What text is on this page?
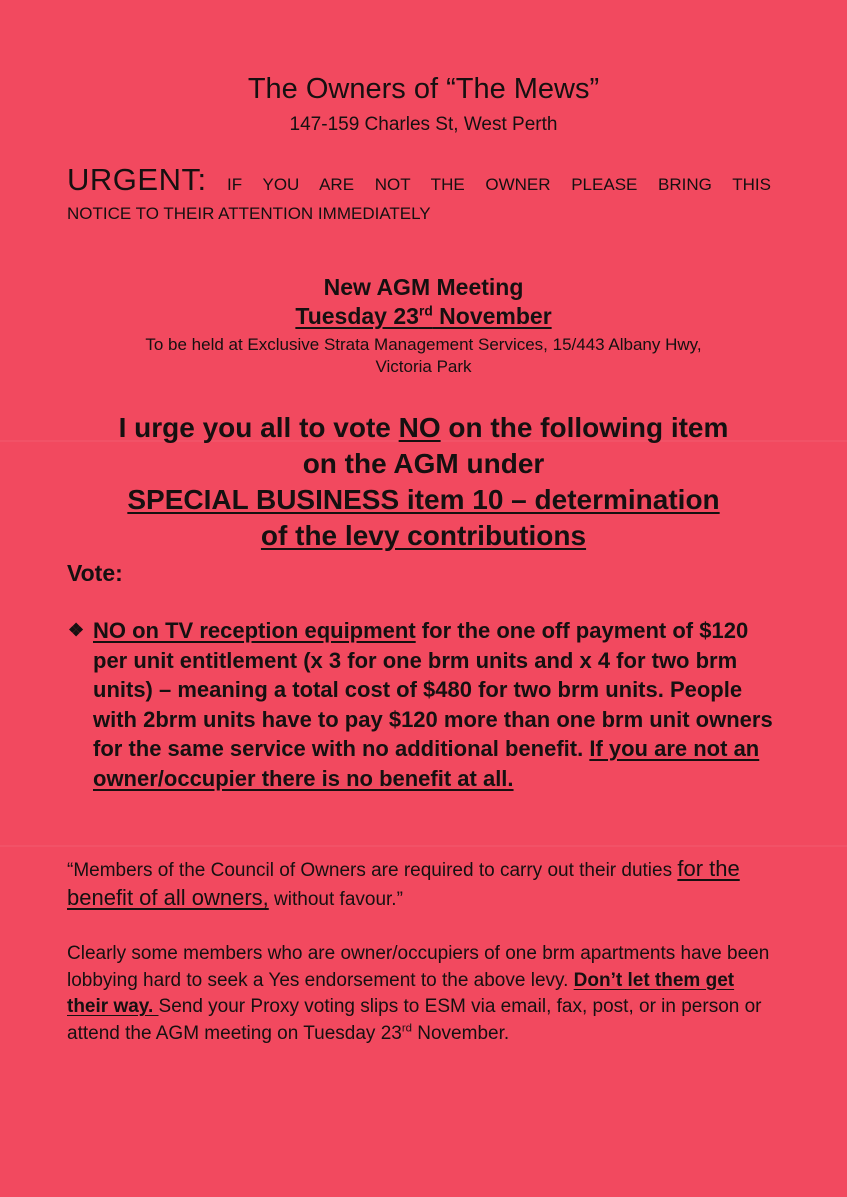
The Owners of “The Mews”
147-159 Charles St, West Perth
URGENT: IF YOU ARE NOT THE OWNER PLEASE BRING THIS
NOTICE TO THEIR ATTENTION IMMEDIATELY
New AGM Meeting
Tuesday 23rd November
To be held at Exclusive Strata Management Services, 15/443 Albany Hwy,
Victoria Park
I urge you all to vote NO on the following item
on the AGM under
SPECIAL BUSINESS item 10 – determination
of the levy contributions
Vote:
❖ NO on TV reception equipment for the one off payment of $120 per unit entitlement (x 3 for one brm units and x 4 for two brm units) – meaning a total cost of $480 for two brm units. People with 2brm units have to pay $120 more than one brm unit owners for the same service with no additional benefit. If you are not an owner/occupier there is no benefit at all.
“Members of the Council of Owners are required to carry out their duties for the benefit of all owners, without favour.”
Clearly some members who are owner/occupiers of one brm apartments have been lobbying hard to seek a Yes endorsement to the above levy. Don’t let them get their way. Send your Proxy voting slips to ESM via email, fax, post, or in person or attend the AGM meeting on Tuesday 23rd November.
